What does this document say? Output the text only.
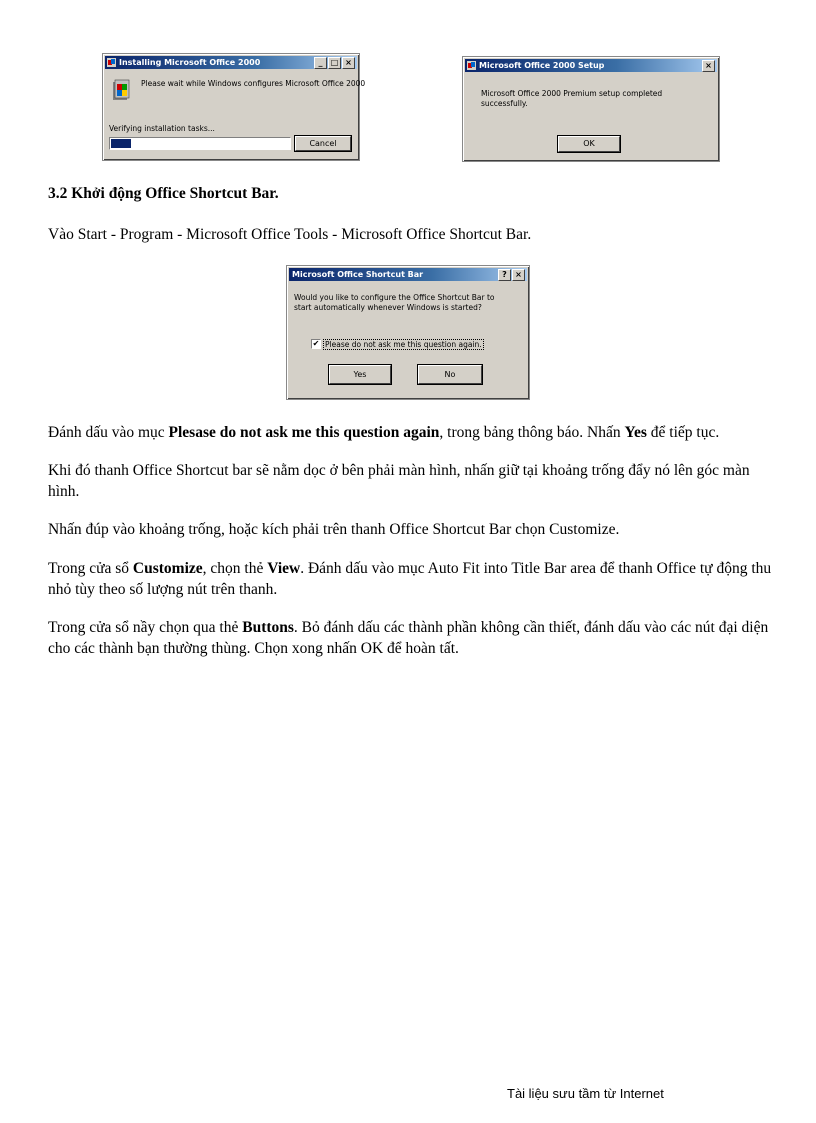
Installing Microsoft Office 2000	_	□ ×
Please wait while Windows configures Microsoft Office 2000
Verifying installation tasks...
Cancel
Microsoft Office 2000 Setup	×
Microsoft Office 2000 Premium setup completed successfully.
OK
3.2 Khởi động Office Shortcut Bar.
Vào Start - Program - Microsoft Office Tools - Microsoft Office Shortcut Bar.
Microsoft Office Shortcut Bar	?	×
Would you like to configure the Office Shortcut Bar to start automatically whenever Windows is started?
✔ Please do not ask me this question again.
Yes	No
Đánh dấu vào mục Plesase do not ask me this question again, trong bảng thông báo. Nhấn Yes để tiếp tục.
Khi đó thanh Office Shortcut bar sẽ nằm dọc ở bên phải màn hình, nhấn giữ tại khoảng trống đẩy nó lên góc màn hình.
Nhấn đúp vào khoảng trống, hoặc kích phải trên thanh Office Shortcut Bar chọn Customize.
Trong cửa sổ Customize, chọn thẻ View. Đánh dấu vào mục Auto Fit into Title Bar area để thanh Office tự động thu nhỏ tùy theo số lượng nút trên thanh.
Trong cửa sổ nầy chọn qua thẻ Buttons. Bỏ đánh dấu các thành phần không cần thiết, đánh dấu vào các nút đại diện cho các thành bạn thường thùng. Chọn xong nhấn OK để hoàn tất.
Tài liệu sưu tầm từ Internet
